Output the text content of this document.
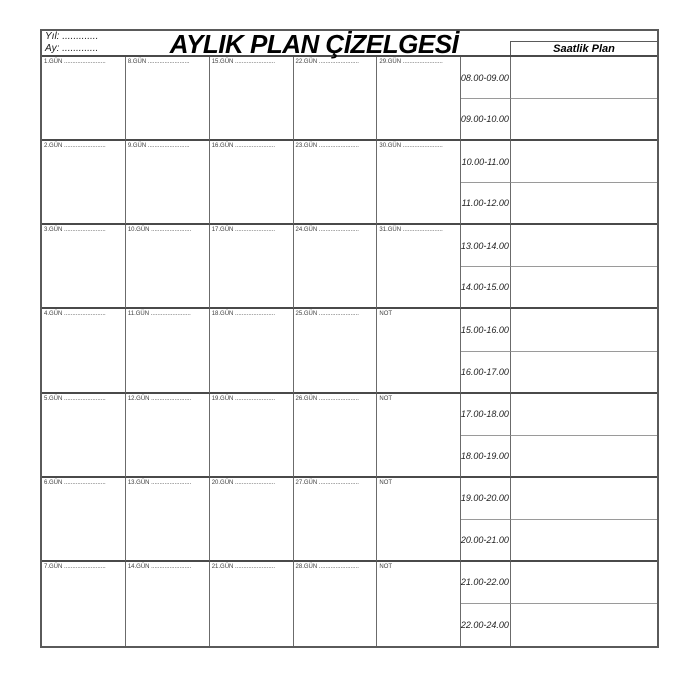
Yıl: .............
Ay: .............	AYLIK PLAN ÇİZELGESİ	Saatlik Plan
1.GÜN .........................	8.GÜN .........................	15.GÜN ........................	22.GÜN ........................	29.GÜN ........................
2.GÜN .........................	9.GÜN .........................	16.GÜN ........................	23.GÜN ........................	30.GÜN ........................
3.GÜN .........................	10.GÜN ........................	17.GÜN ........................	24.GÜN ........................	31.GÜN ........................
4.GÜN .........................	11.GÜN ........................	18.GÜN ........................	25.GÜN ........................	NOT
5.GÜN .........................	12.GÜN ........................	19.GÜN ........................	26.GÜN ........................	NOT
6.GÜN .........................	13.GÜN ........................	20.GÜN ........................	27.GÜN ........................	NOT
7.GÜN .........................	14.GÜN ........................	21.GÜN ........................	28.GÜN ........................	NOT
08.00-09.00
09.00-10.00
10.00-11.00
11.00-12.00
13.00-14.00
14.00-15.00
15.00-16.00
16.00-17.00
17.00-18.00
18.00-19.00
19.00-20.00
20.00-21.00
21.00-22.00
22.00-24.00
